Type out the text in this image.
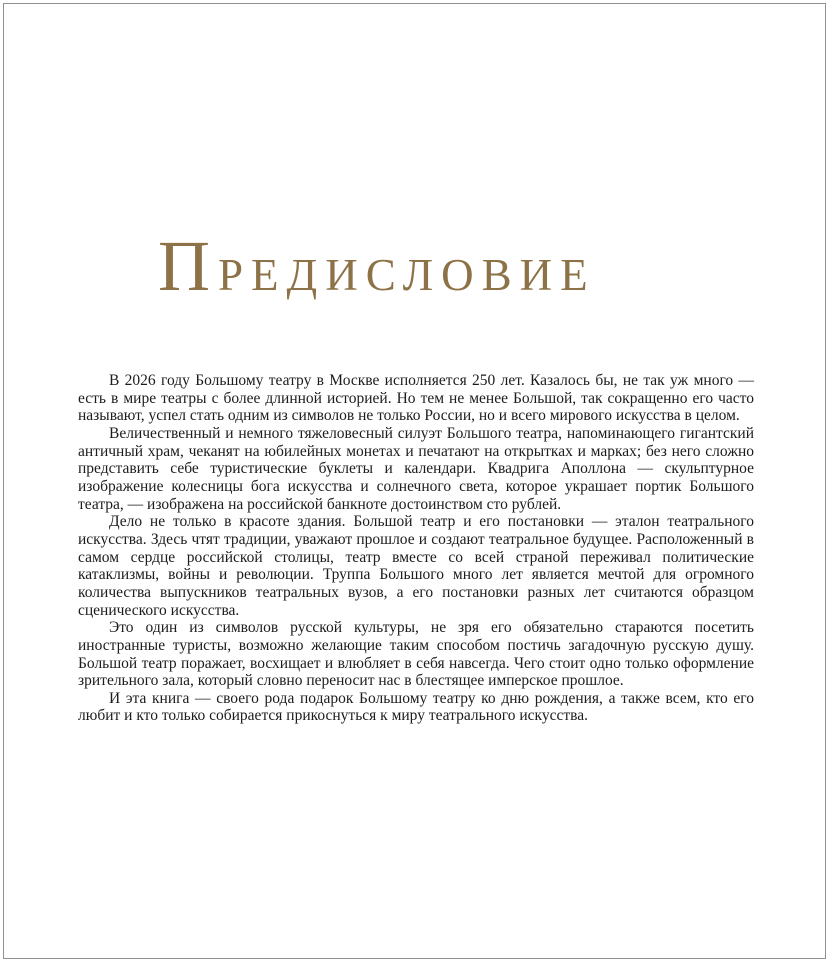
ПРЕДИСЛОВИЕ

В 2026 году Большому театру в Москве исполняется 250 лет. Казалось бы, не так уж много — есть в мире театры с более длинной историей. Но тем не менее Большой, так сокращенно его часто называют, успел стать одним из символов не только России, но и всего мирового искусства в целом.

Величественный и немного тяжеловесный силуэт Большого театра, напоминающего гигантский античный храм, чеканят на юбилейных монетах и печатают на открытках и марках; без него сложно представить себе туристические буклеты и календари. Квадрига Аполлона — скульптурное изображение колесницы бога искусства и солнечного света, которое украшает портик Большого театра, — изображена на российской банкноте достоинством сто рублей.

Дело не только в красоте здания. Большой театр и его постановки — эталон театрального искусства. Здесь чтят традиции, уважают прошлое и создают театральное будущее. Расположенный в самом сердце российской столицы, театр вместе со всей страной переживал политические катаклизмы, войны и революции. Труппа Большого много лет является мечтой для огромного количества выпускников театральных вузов, а его постановки разных лет считаются образцом сценического искусства.

Это один из символов русской культуры, не зря его обязательно стараются посетить иностранные туристы, возможно желающие таким способом постичь загадочную русскую душу. Большой театр поражает, восхищает и влюбляет в себя навсегда. Чего стоит одно только оформление зрительного зала, который словно переносит нас в блестящее имперское прошлое.

И эта книга — своего рода подарок Большому театру ко дню рождения, а также всем, кто его любит и кто только собирается прикоснуться к миру театрального искусства.
